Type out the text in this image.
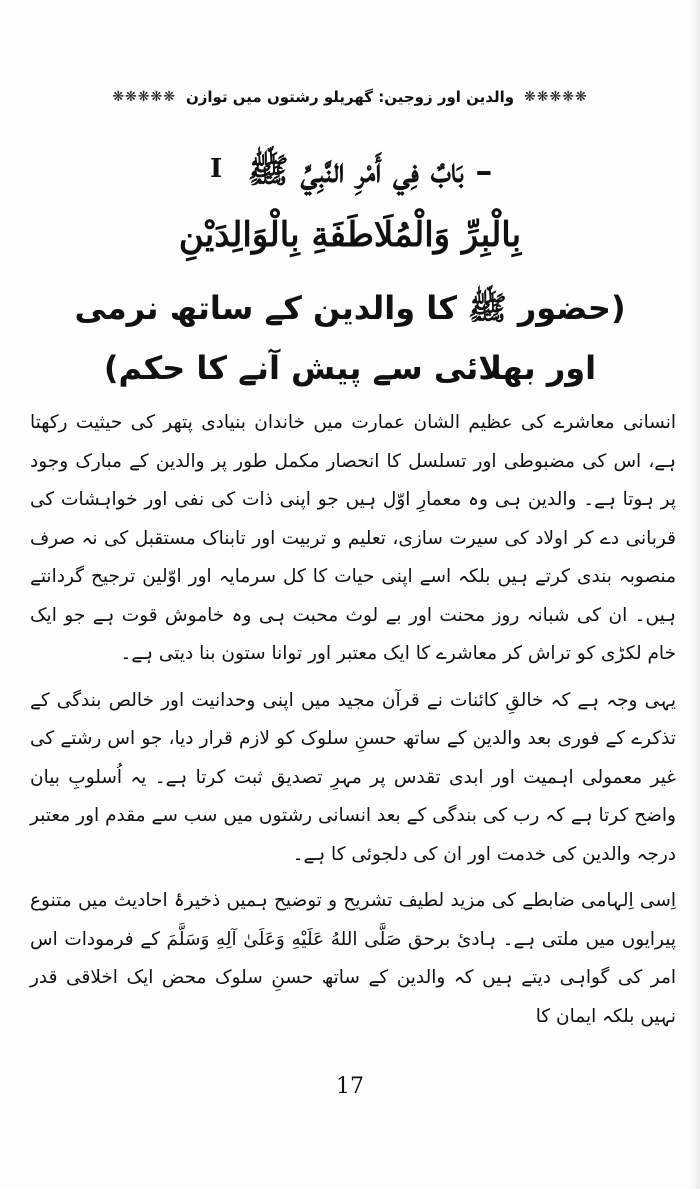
❋❋❋❋❋ والدین اور زوجین: گھریلو رشتوں میں توازن ❋❋❋❋❋
I – بَابٌ فِي أَمْرِ النَّبِيِّ ﷺ
بِالْبِرِّ وَالْمُلَاطَفَةِ بِالْوَالِدَيْنِ
(حضور ﷺ کا والدین کے ساتھ نرمی
اور بھلائی سے پیش آنے کا حکم)

انسانی معاشرے کی عظیم الشان عمارت میں خاندان بنیادی پتھر کی حیثیت رکھتا ہے، اس کی مضبوطی اور تسلسل کا انحصار مکمل طور پر والدین کے مبارک وجود پر ہوتا ہے۔ والدین ہی وہ معمارِ اوّل ہیں جو اپنی ذات کی نفی اور خواہشات کی قربانی دے کر اولاد کی سیرت سازی، تعلیم و تربیت اور تابناک مستقبل کی نہ صرف منصوبہ بندی کرتے ہیں بلکہ اسے اپنی حیات کا کل سرمایہ اور اوّلین ترجیح گردانتے ہیں۔ ان کی شبانہ روز محنت اور بے لوث محبت ہی وہ خاموش قوت ہے جو ایک خام لکڑی کو تراش کر معاشرے کا ایک معتبر اور توانا ستون بنا دیتی ہے۔

یہی وجہ ہے کہ خالقِ کائنات نے قرآن مجید میں اپنی وحدانیت اور خالص بندگی کے تذکرے کے فوری بعد والدین کے ساتھ حسنِ سلوک کو لازم قرار دیا، جو اس رشتے کی غیر معمولی اہمیت اور ابدی تقدس پر مہرِ تصدیق ثبت کرتا ہے۔ یہ اُسلوبِ بیان واضح کرتا ہے کہ رب کی بندگی کے بعد انسانی رشتوں میں سب سے مقدم اور معتبر درجہ والدین کی خدمت اور ان کی دلجوئی کا ہے۔

اِسی اِلہامی ضابطے کی مزید لطیف تشریح و توضیح ہمیں ذخیرۂ احادیث میں متنوع پیرایوں میں ملتی ہے۔ ہادیٔ برحق صَلَّى اللهُ عَلَيْهِ وَعَلَىٰ آلِهِ وَسَلَّمَ کے فرمودات اس امر کی گواہی دیتے ہیں کہ والدین کے ساتھ حسنِ سلوک محض ایک اخلاقی قدر نہیں بلکہ ایمان کا

17
